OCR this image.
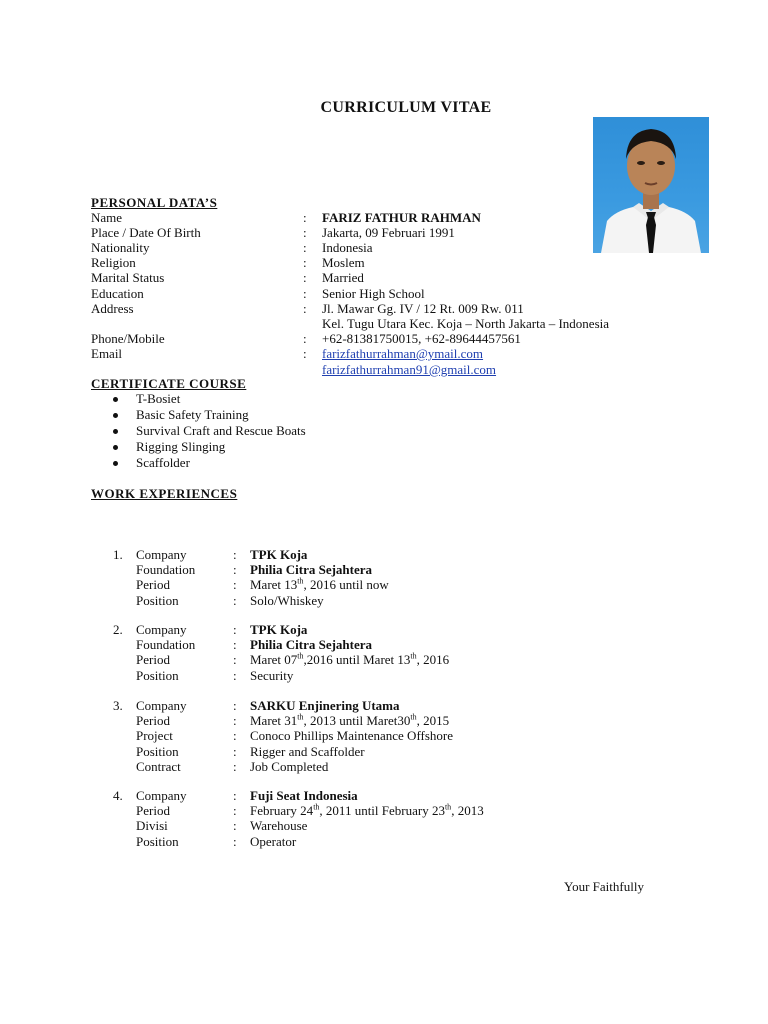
CURRICULUM VITAE
PERSONAL DATA’S
Name	: FARIZ FATHUR RAHMAN
Place / Date Of Birth	: Jakarta, 09 Februari 1991
Nationality	: Indonesia
Religion	: Moslem
Marital Status	: Married
Education	: Senior High School
Address	: Jl. Mawar Gg. IV / 12 Rt. 009 Rw. 011
Kel. Tugu Utara Kec. Koja – North Jakarta – Indonesia
Phone/Mobile	: +62-81381750015, +62-89644457561
Email	: farizfathurrahman@ymail.com
farizfathurrahman91@gmail.com
CERTIFICATE COURSE
T-Bosiet
Basic Safety Training
Survival Craft and Rescue Boats
Rigging Slinging
Scaffolder
WORK EXPERIENCES
1. Company	: TPK Koja
Foundation	: Philia Citra Sejahtera
Period	: Maret 13th, 2016 until now
Position	: Solo/Whiskey
2. Company	: TPK Koja
Foundation	: Philia Citra Sejahtera
Period	: Maret 07th,2016 until Maret 13th, 2016
Position	: Security
3. Company	: SARKU Enjinering Utama
Period	: Maret 31th, 2013 until Maret30th, 2015
Project	: Conoco Phillips Maintenance Offshore
Position	: Rigger and Scaffolder
Contract	: Job Completed
4. Company	: Fuji Seat Indonesia
Period	: February 24th, 2011 until February 23th, 2013
Divisi	: Warehouse
Position	: Operator
Your Faithfully
